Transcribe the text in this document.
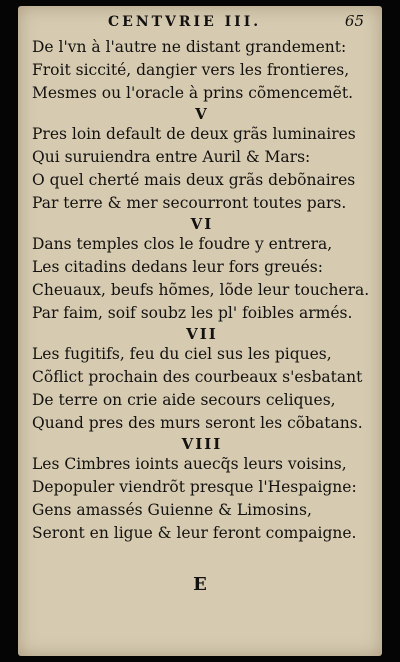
CENTVRIE III.	65
De l'vn à l'autre ne distant grandement:
Froit siccité, dangier vers les frontieres,
Mesmes ou l'oracle à prins cõmencemẽt.
V
Pres loin default de deux grãs luminaires
Qui suruiendra entre Auril & Mars:
O quel cherté mais deux grãs debõnaires
Par terre & mer secourront toutes pars.
VI
Dans temples clos le foudre y entrera,
Les citadins dedans leur fors greués:
Cheuaux, beufs hõmes, lõde leur touchera.
Par faim, soif soubz les pl' foibles armés.
VII
Les fugitifs, feu du ciel sus les piques,
Cõflict prochain des courbeaux s'esbatant
De terre on crie aide secours celiques,
Quand pres des murs seront les cõbatans.
VIII
Les Cimbres ioints auecq̃s leurs voisins,
Depopuler viendrõt presque l'Hespaigne:
Gens amassés Guienne & Limosins,
Seront en ligue & leur feront compaigne.
E
